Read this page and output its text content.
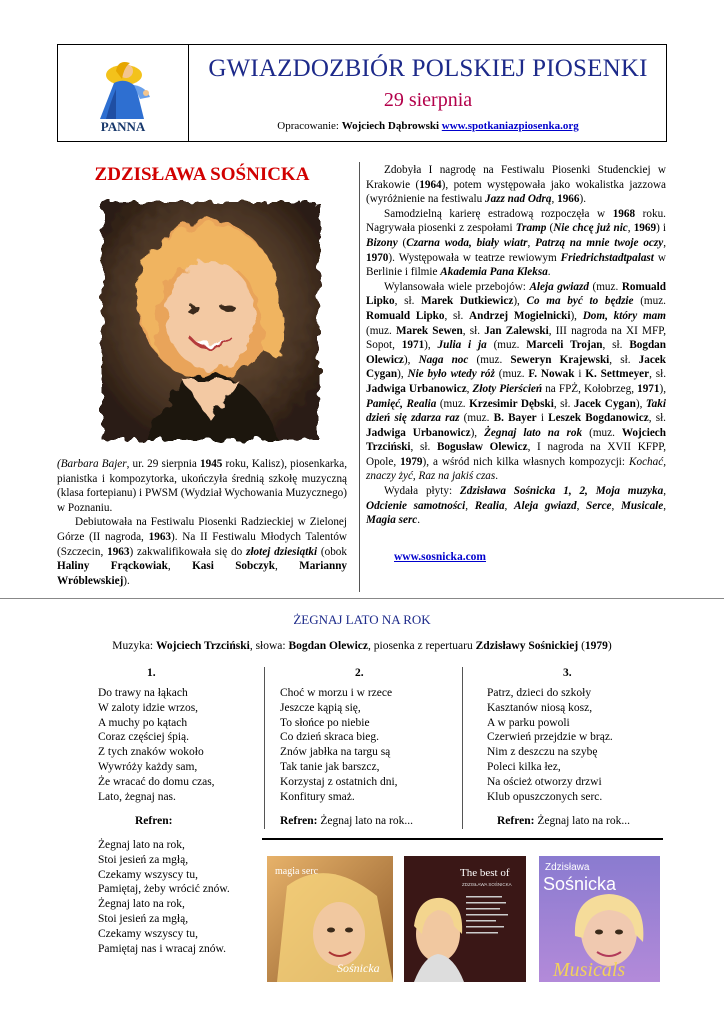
PANNA
GWIAZDOZBIÓR POLSKIEJ PIOSENKI
29 sierpnia
Opracowanie: Wojciech Dąbrowski www.spotkaniazpiosenka.org
ZDZISŁAWA SOŚNICKA

(Barbara Bajer, ur. 29 sierpnia 1945 roku, Kalisz), piosenkarka, pianistka i kompozytorka, ukończyła średnią szkołę muzyczną (klasa fortepianu) i PWSM (Wydział Wychowania Muzycznego) w Poznaniu.

Debiutowała na Festiwalu Piosenki Radzieckiej w Zielonej Górze (II nagroda, 1963). Na II Festiwalu Młodych Talentów (Szczecin, 1963) zakwalifikowała się do złotej dziesiątki (obok Haliny Frąckowiak, Kasi Sobczyk, Marianny Wróblewskiej).

Zdobyła I nagrodę na Festiwalu Piosenki Studenckiej w Krakowie (1964), potem występowała jako wokalistka jazzowa (wyróżnienie na festiwalu Jazz nad Odrą, 1966).

Samodzielną karierę estradową rozpoczęła w 1968 roku. Nagrywała piosenki z zespołami Tramp (Nie chcę już nic, 1969) i Bizony (Czarna woda, biały wiatr, Patrzą na mnie twoje oczy, 1970). Występowała w teatrze rewiowym Friedrichstadtpalast w Berlinie i filmie Akademia Pana Kleksa.

Wylansowała wiele przebojów: Aleja gwiazd (muz. Romuald Lipko, sł. Marek Dutkiewicz), Co ma być to będzie (muz. Romuald Lipko, sł. Andrzej Mogielnicki), Dom, który mam (muz. Marek Sewen, sł. Jan Zalewski, III nagroda na XI MFP, Sopot, 1971), Julia i ja (muz. Marceli Trojan, sł. Bogdan Olewicz), Naga noc (muz. Seweryn Krajewski, sł. Jacek Cygan), Nie było wtedy róż (muz. F. Nowak i K. Settmeyer, sł. Jadwiga Urbanowicz, Złoty Pierścień na FPŻ, Kołobrzeg, 1971), Pamięć, Realia (muz. Krzesimir Dębski, sł. Jacek Cygan), Taki dzień się zdarza raz (muz. B. Bayer i Leszek Bogdanowicz, sł. Jadwiga Urbanowicz), Żegnaj lato na rok (muz. Wojciech Trzciński, sł. Bogusław Olewicz, I nagroda na XVII KFPP, Opole, 1979), a wśród nich kilka własnych kompozycji: Kochać, znaczy żyć, Raz na jakiś czas.

Wydała płyty: Zdzisława Sośnicka 1, 2, Moja muzyka, Odcienie samotności, Realia, Aleja gwiazd, Serce, Musicale, Magia serc.

www.sosnicka.com
ŻEGNAJ LATO NA ROK
Muzyka: Wojciech Trzciński, słowa: Bogdan Olewicz, piosenka z repertuaru Zdzisławy Sośnickiej (1979)
1.	2.	3.
Do trawy na łąkach
W zaloty idzie wrzos,
A muchy po kątach
Coraz częściej śpią.
Z tych znaków wokoło
Wywróży każdy sam,
Że wracać do domu czas,
Lato, żegnaj nas.
Choć w morzu i w rzece
Jeszcze kąpią się,
To słońce po niebie
Co dzień skraca bieg.
Znów jabłka na targu są
Tak tanie jak barszcz,
Korzystaj z ostatnich dni,
Konfitury smaż.
Patrz, dzieci do szkoły
Kasztanów niosą kosz,
A w parku powoli
Czerwień przejdzie w brąz.
Nim z deszczu na szybę
Poleci kilka łez,
Na oścież otworzy drzwi
Klub opuszczonych serc.
Refren:	Refren: Żegnaj lato na rok...	Refren: Żegnaj lato na rok...
Żegnaj lato na rok,
Stoi jesień za mgłą,
Czekamy wszyscy tu,
Pamiętaj, żeby wrócić znów.
Żegnaj lato na rok,
Stoi jesień za mgłą,
Czekamy wszyscy tu,
Pamiętaj nas i wracaj znów.
magia serc
Sośnicka
The best of
ZDZISŁAWA SOŚNICKA
Zdzisława
Sośnicka
Musicals
